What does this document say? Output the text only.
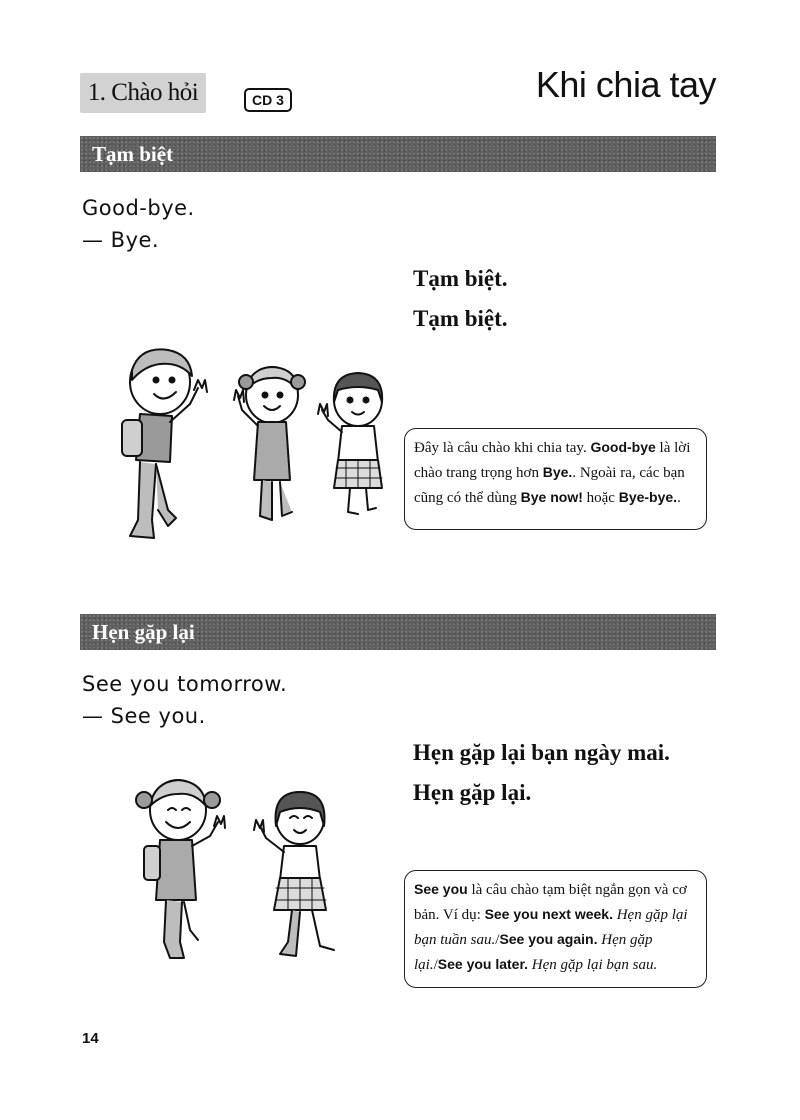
1. Chào hỏi	CD 3	Khi chia tay
Tạm biệt
Good-bye.
— Bye.
Tạm biệt.
Tạm biệt.
Đây là câu chào khi chia tay. Good-bye là lời chào trang trọng hơn Bye.. Ngoài ra, các bạn cũng có thể dùng Bye now! hoặc Bye-bye..
Hẹn gặp lại
See you tomorrow.
— See you.
Hẹn gặp lại bạn ngày mai.
Hẹn gặp lại.
See you là câu chào tạm biệt ngắn gọn và cơ bản. Ví dụ: See you next week. Hẹn gặp lại bạn tuần sau./See you again. Hẹn gặp lại./See you later. Hẹn gặp lại bạn sau.
14
